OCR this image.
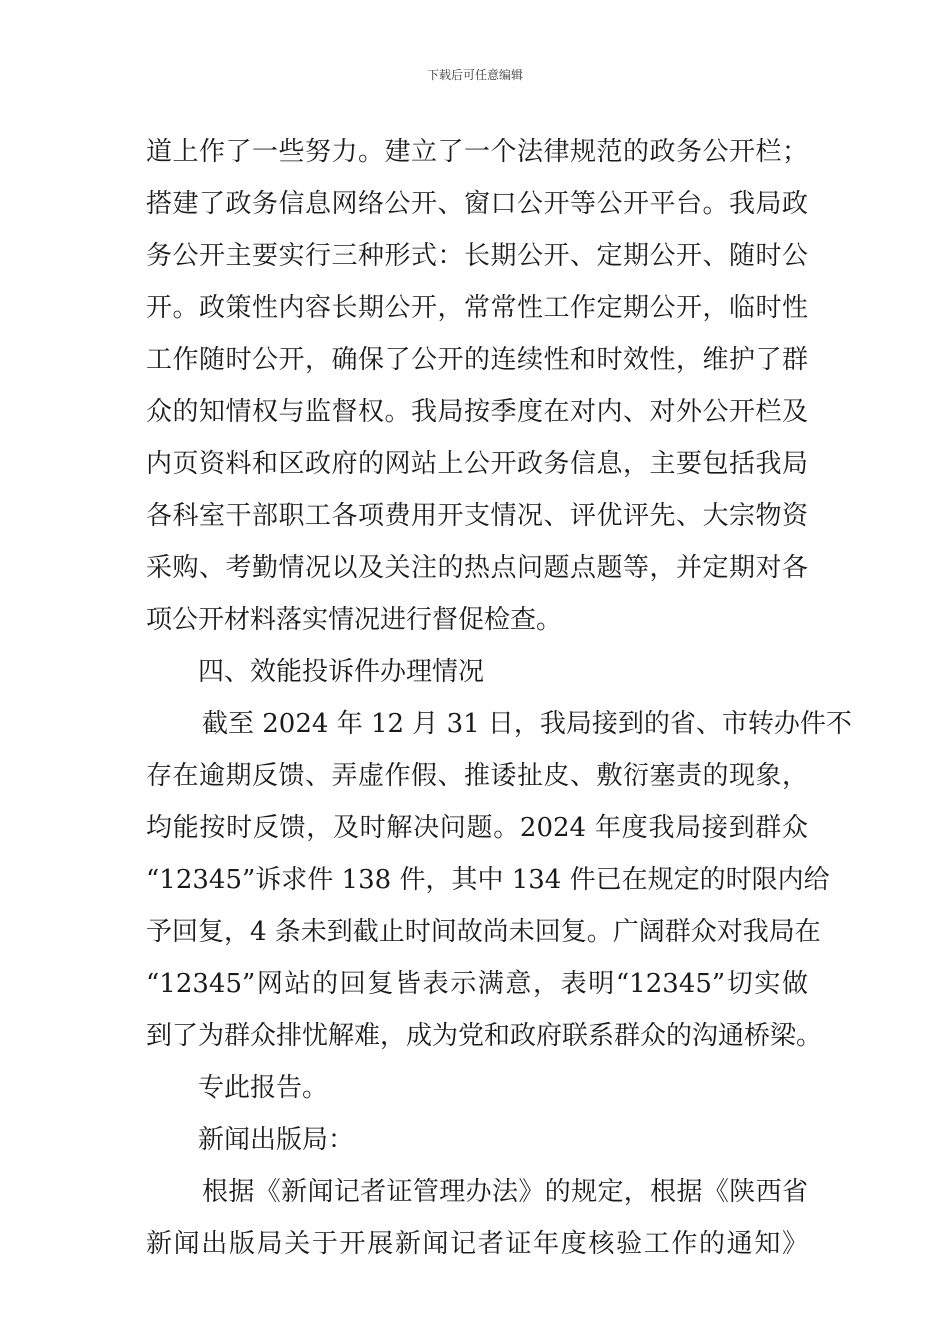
下载后可任意编辑
道上作了一些努力。建立了一个法律规范的政务公开栏；
搭建了政务信息网络公开、窗口公开等公开平台。我局政
务公开主要实行三种形式：长期公开、定期公开、随时公
开。政策性内容长期公开，常常性工作定期公开，临时性
工作随时公开，确保了公开的连续性和时效性，维护了群
众的知情权与监督权。我局按季度在对内、对外公开栏及
内页资料和区政府的网站上公开政务信息，主要包括我局
各科室干部职工各项费用开支情况、评优评先、大宗物资
采购、考勤情况以及关注的热点问题点题等，并定期对各
项公开材料落实情况进行督促检查。
四、效能投诉件办理情况
截至 2024 年 12 月 31 日，我局接到的省、市转办件不
存在逾期反馈、弄虚作假、推诿扯皮、敷衍塞责的现象，
均能按时反馈，及时解决问题。2024 年度我局接到群众
“12345”诉求件 138 件，其中 134 件已在规定的时限内给
予回复，4 条未到截止时间故尚未回复。广阔群众对我局在
“12345”网站的回复皆表示满意，表明“12345”切实做
到了为群众排忧解难，成为党和政府联系群众的沟通桥梁。
专此报告。
新闻出版局：
根据《新闻记者证管理办法》的规定，根据《陕西省
新闻出版局关于开展新闻记者证年度核验工作的通知》
